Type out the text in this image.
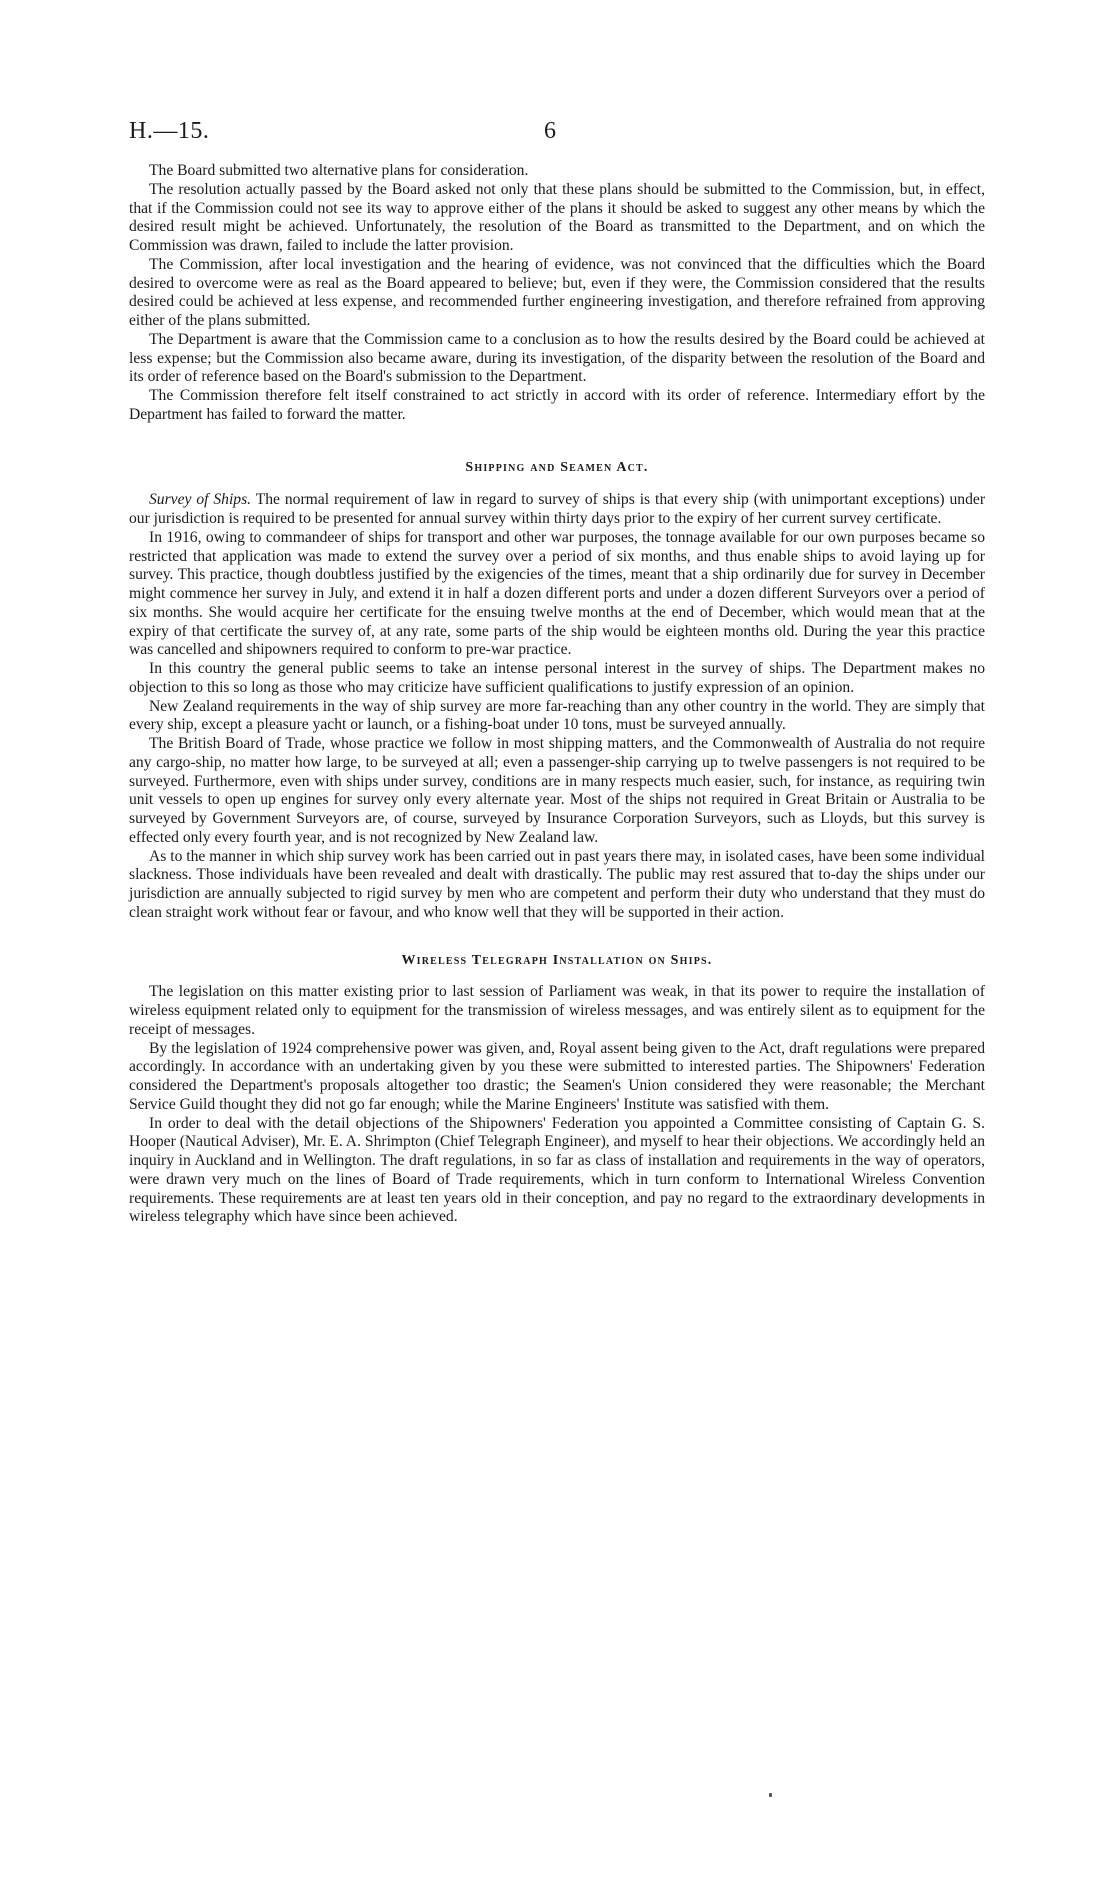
H.—15.	6

The Board submitted two alternative plans for consideration.

The resolution actually passed by the Board asked not only that these plans should be submitted to the Commission, but, in effect, that if the Commission could not see its way to approve either of the plans it should be asked to suggest any other means by which the desired result might be achieved. Unfortunately, the resolution of the Board as transmitted to the Department, and on which the Commission was drawn, failed to include the latter provision.

The Commission, after local investigation and the hearing of evidence, was not convinced that the difficulties which the Board desired to overcome were as real as the Board appeared to believe; but, even if they were, the Commission considered that the results desired could be achieved at less expense, and recommended further engineering investigation, and therefore refrained from approving either of the plans submitted.

The Department is aware that the Commission came to a conclusion as to how the results desired by the Board could be achieved at less expense; but the Commission also became aware, during its investigation, of the disparity between the resolution of the Board and its order of reference based on the Board's submission to the Department.

The Commission therefore felt itself constrained to act strictly in accord with its order of reference. Intermediary effort by the Department has failed to forward the matter.

Shipping and Seamen Act.

Survey of Ships. The normal requirement of law in regard to survey of ships is that every ship (with unimportant exceptions) under our jurisdiction is required to be presented for annual survey within thirty days prior to the expiry of her current survey certificate.

In 1916, owing to commandeer of ships for transport and other war purposes, the tonnage available for our own purposes became so restricted that application was made to extend the survey over a period of six months, and thus enable ships to avoid laying up for survey. This practice, though doubtless justified by the exigencies of the times, meant that a ship ordinarily due for survey in December might commence her survey in July, and extend it in half a dozen different ports and under a dozen different Surveyors over a period of six months. She would acquire her certificate for the ensuing twelve months at the end of December, which would mean that at the expiry of that certificate the survey of, at any rate, some parts of the ship would be eighteen months old. During the year this practice was cancelled and shipowners required to conform to pre-war practice.

In this country the general public seems to take an intense personal interest in the survey of ships. The Department makes no objection to this so long as those who may criticize have sufficient qualifications to justify expression of an opinion.

New Zealand requirements in the way of ship survey are more far-reaching than any other country in the world. They are simply that every ship, except a pleasure yacht or launch, or a fishing-boat under 10 tons, must be surveyed annually.

The British Board of Trade, whose practice we follow in most shipping matters, and the Commonwealth of Australia do not require any cargo-ship, no matter how large, to be surveyed at all; even a passenger-ship carrying up to twelve passengers is not required to be surveyed. Furthermore, even with ships under survey, conditions are in many respects much easier, such, for instance, as requiring twin unit vessels to open up engines for survey only every alternate year. Most of the ships not required in Great Britain or Australia to be surveyed by Government Surveyors are, of course, surveyed by Insurance Corporation Surveyors, such as Lloyds, but this survey is effected only every fourth year, and is not recognized by New Zealand law.

As to the manner in which ship survey work has been carried out in past years there may, in isolated cases, have been some individual slackness. Those individuals have been revealed and dealt with drastically. The public may rest assured that to-day the ships under our jurisdiction are annually subjected to rigid survey by men who are competent and perform their duty who understand that they must do clean straight work without fear or favour, and who know well that they will be supported in their action.

Wireless Telegraph Installation on Ships.

The legislation on this matter existing prior to last session of Parliament was weak, in that its power to require the installation of wireless equipment related only to equipment for the transmission of wireless messages, and was entirely silent as to equipment for the receipt of messages.

By the legislation of 1924 comprehensive power was given, and, Royal assent being given to the Act, draft regulations were prepared accordingly. In accordance with an undertaking given by you these were submitted to interested parties. The Shipowners' Federation considered the Department's proposals altogether too drastic; the Seamen's Union considered they were reasonable; the Merchant Service Guild thought they did not go far enough; while the Marine Engineers' Institute was satisfied with them.

In order to deal with the detail objections of the Shipowners' Federation you appointed a Committee consisting of Captain G. S. Hooper (Nautical Adviser), Mr. E. A. Shrimpton (Chief Telegraph Engineer), and myself to hear their objections. We accordingly held an inquiry in Auckland and in Wellington. The draft regulations, in so far as class of installation and requirements in the way of operators, were drawn very much on the lines of Board of Trade requirements, which in turn conform to International Wireless Convention requirements. These requirements are at least ten years old in their conception, and pay no regard to the extraordinary developments in wireless telegraphy which have since been achieved.
